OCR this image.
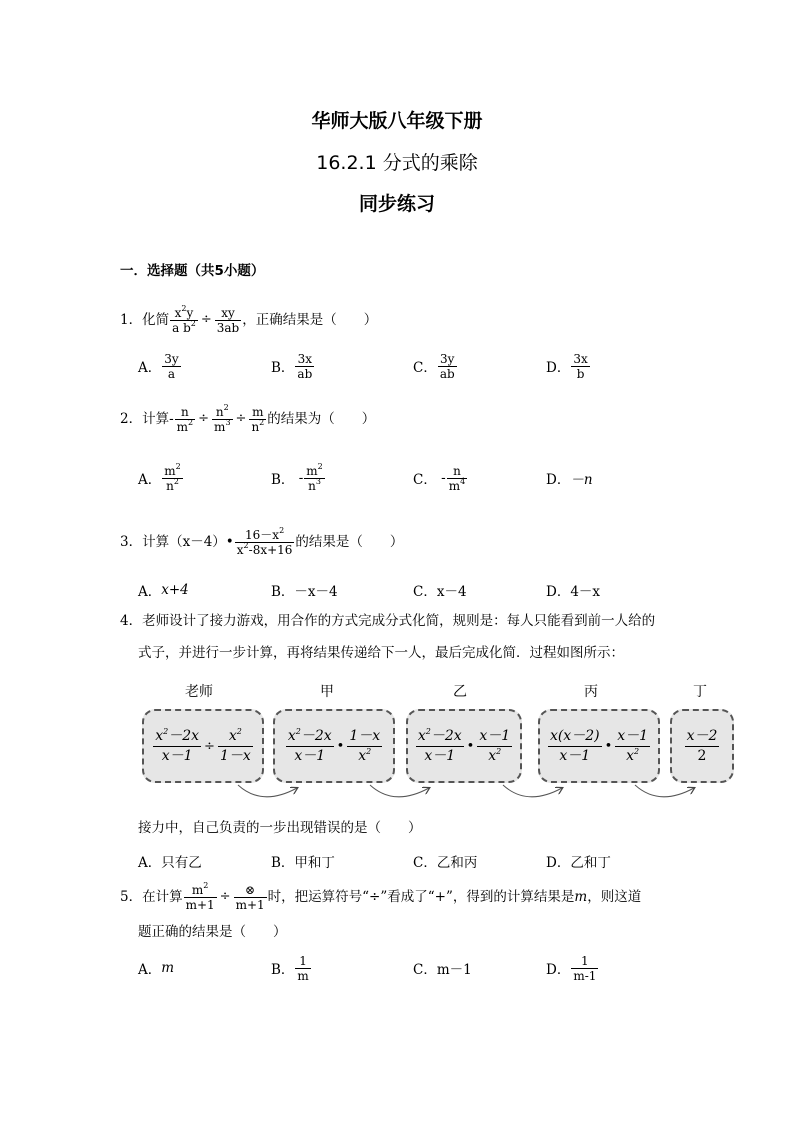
华师大版八年级下册
16.2.1 分式的乘除
同步练习
一．选择题（共5小题）
1．化简 $\frac{x^2y}{a b^2} \div \frac{xy}{3ab}$ ，正确结果是（　　）
A． $\frac{3y}{a}$	B． $\frac{3x}{ab}$	C． $\frac{3y}{ab}$	D． $\frac{3x}{b}$
2．计算 - $\frac{n}{m^2} \div \frac{n^2}{m^3} \div \frac{m}{n^2}$ 的结果为（　　）
A． $\frac{m^2}{n^2}$	B． - $\frac{m^2}{n^3}$	C． - $\frac{n}{m^4}$	D． －n
3．计算（x－4）• $\frac{16-x^2}{x^2-8x+16}$ 的结果是（　　）
A． x+4	B． －x－4	C． x－4	D． 4－x
4．老师设计了接力游戏，用合作的方式完成分式化简，规则是：每人只能看到前一人给的
式子，并进行一步计算，再将结果传递给下一人，最后完成化简．过程如图所示：
老师	甲	乙	丙	丁
$\frac{x^2-2x}{x-1} \div \frac{x^2}{1-x} \frac{x^2-2x}{x-1}$ • $\frac{1-x}{x^2} \frac{x^2-2x}{x-1}$ • $\frac{x-1}{x^2}$	$\frac{x(x-2)}{x-1}$ • $\frac{x-1}{x^2} \frac{x-2}{2}$
接力中，自己负责的一步出现错误的是（　　）
A． 只有乙	B． 甲和丁	C． 乙和丙	D． 乙和丁
5．在计算 $\frac{m^2}{m+1} \div \frac{\otimes}{m+1}$ 时，把运算符号“÷”看成了“+”，得到的计算结果是 m ，则这道
题正确的结果是（　　）
A． m	B． $\frac{1}{m}$	C． m－1	D． $\frac{1}{m-1}$
